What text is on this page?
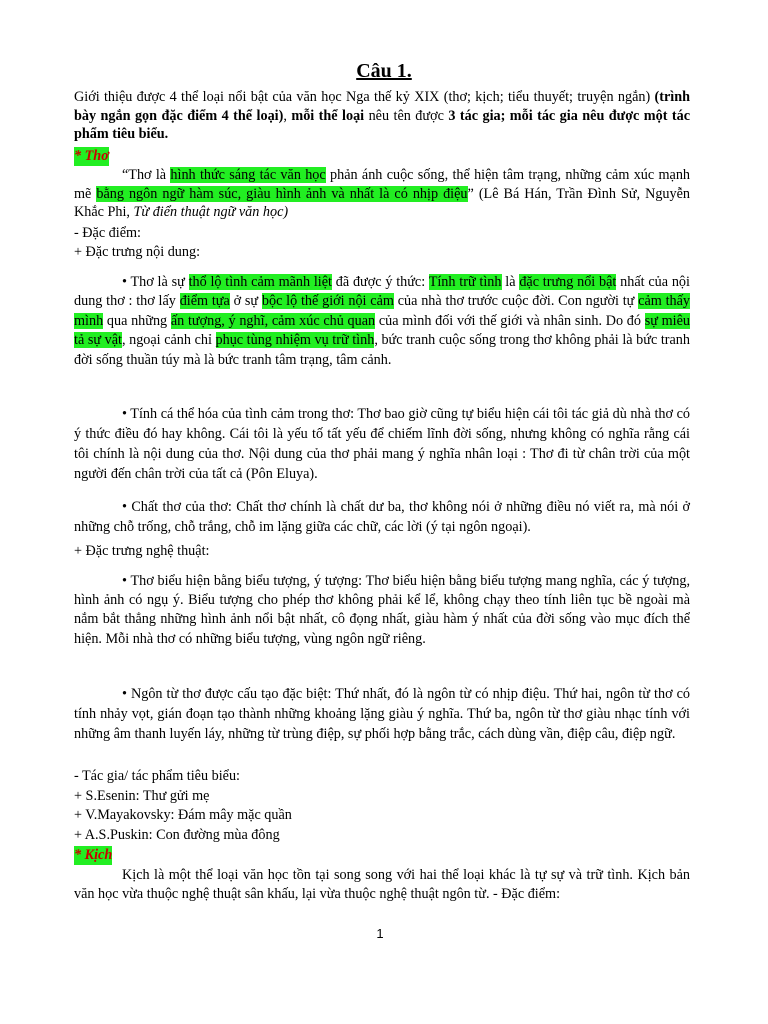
Câu 1.

Giới thiệu được 4 thể loại nổi bật của văn học Nga thế kỷ XIX (thơ; kịch; tiểu thuyết; truyện ngắn) (trình bày ngắn gọn đặc điểm 4 thể loại), mỗi thể loại nêu tên được 3 tác gia; mỗi tác gia nêu được một tác phẩm tiêu biểu.

* Thơ

“Thơ là hình thức sáng tác văn học phản ánh cuộc sống, thể hiện tâm trạng, những cảm xúc mạnh mẽ bằng ngôn ngữ hàm súc, giàu hình ảnh và nhất là có nhịp điệu” (Lê Bá Hán, Trần Đình Sử, Nguyễn Khắc Phi, Từ điển thuật ngữ văn học)

- Đặc điểm:
+ Đặc trưng nội dung:

• Thơ là sự thổ lộ tình cảm mãnh liệt đã được ý thức: Tính trữ tình là đặc trưng nổi bật nhất của nội dung thơ : thơ lấy điểm tựa ở sự bộc lộ thế giới nội cảm của nhà thơ trước cuộc đời. Con người tự cảm thấy mình qua những ấn tượng, ý nghĩ, cảm xúc chủ quan của mình đối với thế giới và nhân sinh. Do đó sự miêu tả sự vật, ngoại cảnh chỉ phục tùng nhiệm vụ trữ tình, bức tranh cuộc sống trong thơ không phải là bức tranh đời sống thuần túy mà là bức tranh tâm trạng, tâm cảnh.

• Tính cá thể hóa của tình cảm trong thơ: Thơ bao giờ cũng tự biểu hiện cái tôi tác giả dù nhà thơ có ý thức điều đó hay không. Cái tôi là yếu tố tất yếu để chiếm lĩnh đời sống, nhưng không có nghĩa rằng cái tôi chính là nội dung của thơ. Nội dung của thơ phải mang ý nghĩa nhân loại : Thơ đi từ chân trời của một người đến chân trời của tất cả (Pôn Eluya).

• Chất thơ của thơ: Chất thơ chính là chất dư ba, thơ không nói ở những điều nó viết ra, mà nói ở những chỗ trống, chỗ trắng, chỗ im lặng giữa các chữ, các lời (ý tại ngôn ngoại).

+ Đặc trưng nghệ thuật:

• Thơ biểu hiện bằng biểu tượng, ý tượng: Thơ biểu hiện bằng biểu tượng mang nghĩa, các ý tượng, hình ảnh có ngụ ý. Biểu tượng cho phép thơ không phải kể lể, không chạy theo tính liên tục bề ngoài mà nắm bắt thẳng những hình ảnh nổi bật nhất, cô đọng nhất, giàu hàm ý nhất của đời sống vào mục đích thể hiện. Mỗi nhà thơ có những biểu tượng, vùng ngôn ngữ riêng.

• Ngôn từ thơ được cấu tạo đặc biệt: Thứ nhất, đó là ngôn từ có nhịp điệu. Thứ hai, ngôn từ thơ có tính nhảy vọt, gián đoạn tạo thành những khoảng lặng giàu ý nghĩa. Thứ ba, ngôn từ thơ giàu nhạc tính với những âm thanh luyến láy, những từ trùng điệp, sự phối hợp bằng trắc, cách dùng vần, điệp câu, điệp ngữ.

- Tác gia/ tác phẩm tiêu biểu:
+ S.Esenin: Thư gửi mẹ
+ V.Mayakovsky: Đám mây mặc quần
+ A.S.Puskin: Con đường mùa đông
* Kịch

Kịch là một thể loại văn học tồn tại song song với hai thể loại khác là tự sự và trữ tình. Kịch bản văn học vừa thuộc nghệ thuật sân khấu, lại vừa thuộc nghệ thuật ngôn từ. - Đặc điểm:

1
